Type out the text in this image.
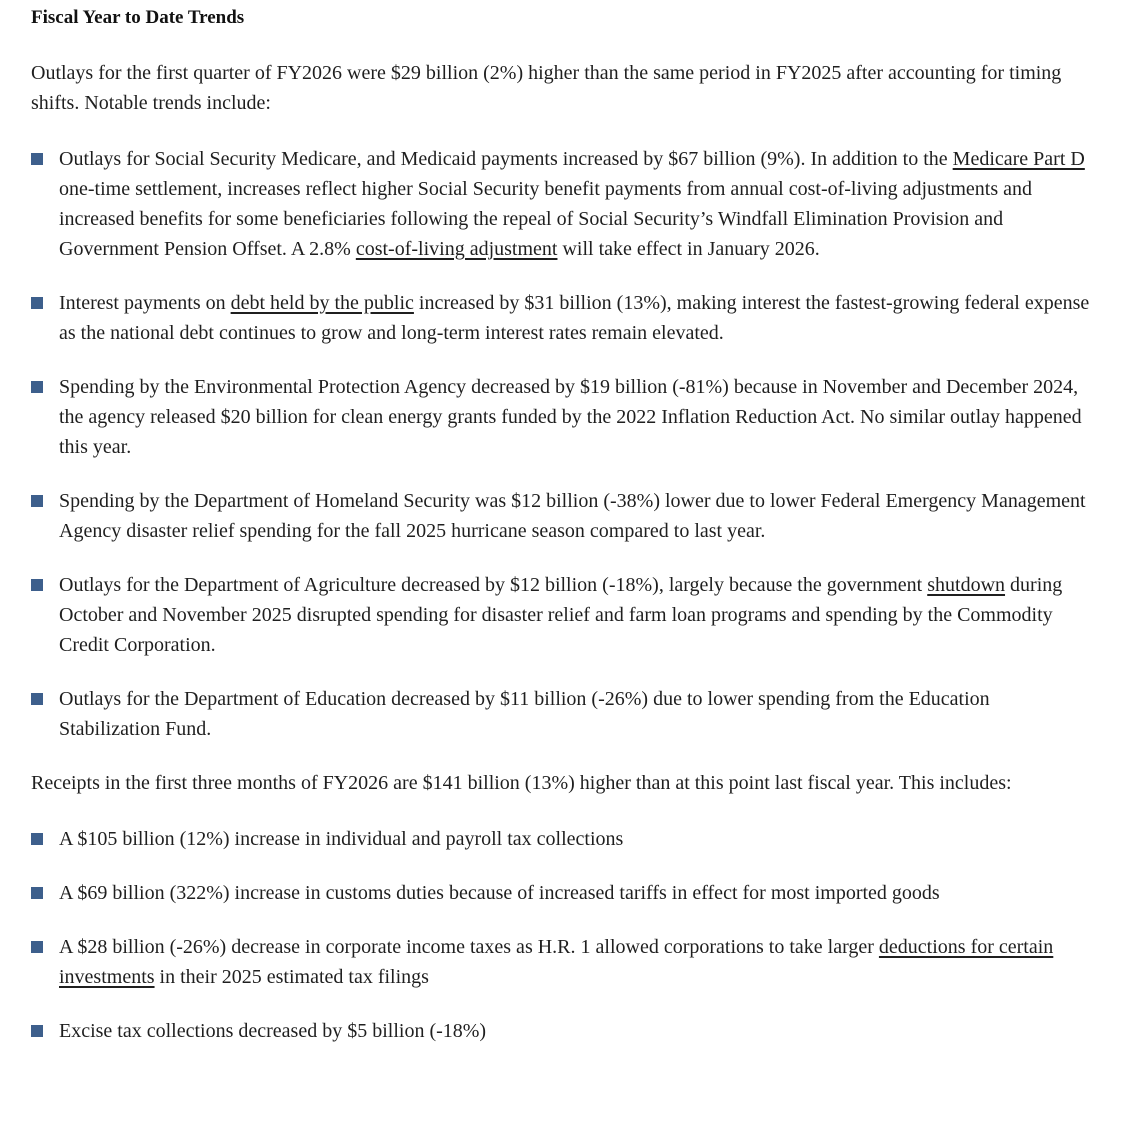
Fiscal Year to Date Trends

Outlays for the first quarter of FY2026 were $29 billion (2%) higher than the same period in FY2025 after accounting for timing shifts. Notable trends include:

Outlays for Social Security Medicare, and Medicaid payments increased by $67 billion (9%). In addition to the Medicare Part D one-time settlement, increases reflect higher Social Security benefit payments from annual cost-of-living adjustments and increased benefits for some beneficiaries following the repeal of Social Security’s Windfall Elimination Provision and Government Pension Offset. A 2.8% cost-of-living adjustment will take effect in January 2026.
Interest payments on debt held by the public increased by $31 billion (13%), making interest the fastest-growing federal expense as the national debt continues to grow and long-term interest rates remain elevated.
Spending by the Environmental Protection Agency decreased by $19 billion (-81%) because in November and December 2024, the agency released $20 billion for clean energy grants funded by the 2022 Inflation Reduction Act. No similar outlay happened this year.
Spending by the Department of Homeland Security was $12 billion (-38%) lower due to lower Federal Emergency Management Agency disaster relief spending for the fall 2025 hurricane season compared to last year.
Outlays for the Department of Agriculture decreased by $12 billion (-18%), largely because the government shutdown during October and November 2025 disrupted spending for disaster relief and farm loan programs and spending by the Commodity Credit Corporation.
Outlays for the Department of Education decreased by $11 billion (-26%) due to lower spending from the Education Stabilization Fund.

Receipts in the first three months of FY2026 are $141 billion (13%) higher than at this point last fiscal year. This includes:

A $105 billion (12%) increase in individual and payroll tax collections
A $69 billion (322%) increase in customs duties because of increased tariffs in effect for most imported goods
A $28 billion (-26%) decrease in corporate income taxes as H.R. 1 allowed corporations to take larger deductions for certain investments in their 2025 estimated tax filings
Excise tax collections decreased by $5 billion (-18%)
